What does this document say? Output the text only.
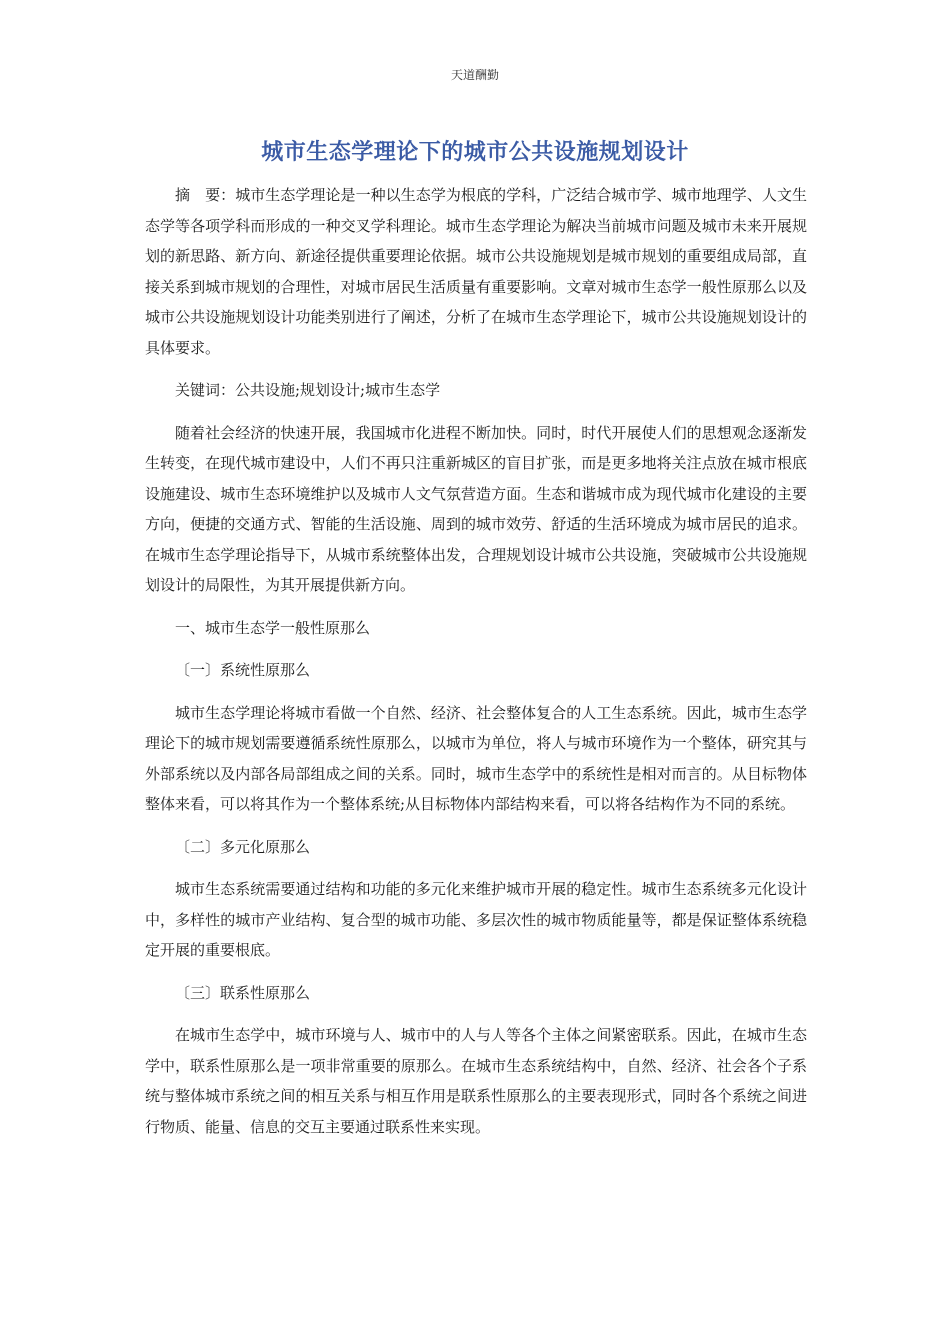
天道酬勤
城市生态学理论下的城市公共设施规划设计

摘　要：城市生态学理论是一种以生态学为根底的学科，广泛结合城市学、城市地理学、人文生态学等各项学科而形成的一种交叉学科理论。城市生态学理论为解决当前城市问题及城市未来开展规划的新思路、新方向、新途径提供重要理论依据。城市公共设施规划是城市规划的重要组成局部，直接关系到城市规划的合理性，对城市居民生活质量有重要影响。文章对城市生态学一般性原那么以及城市公共设施规划设计功能类别进行了阐述，分析了在城市生态学理论下，城市公共设施规划设计的具体要求。

关键词：公共设施;规划设计;城市生态学

随着社会经济的快速开展，我国城市化进程不断加快。同时，时代开展使人们的思想观念逐渐发生转变，在现代城市建设中，人们不再只注重新城区的盲目扩张，而是更多地将关注点放在城市根底设施建设、城市生态环境维护以及城市人文气氛营造方面。生态和谐城市成为现代城市化建设的主要方向，便捷的交通方式、智能的生活设施、周到的城市效劳、舒适的生活环境成为城市居民的追求。在城市生态学理论指导下，从城市系统整体出发，合理规划设计城市公共设施，突破城市公共设施规划设计的局限性，为其开展提供新方向。

一、城市生态学一般性原那么

〔一〕系统性原那么

城市生态学理论将城市看做一个自然、经济、社会整体复合的人工生态系统。因此，城市生态学理论下的城市规划需要遵循系统性原那么，以城市为单位，将人与城市环境作为一个整体，研究其与外部系统以及内部各局部组成之间的关系。同时，城市生态学中的系统性是相对而言的。从目标物体整体来看，可以将其作为一个整体系统;从目标物体内部结构来看，可以将各结构作为不同的系统。

〔二〕多元化原那么

城市生态系统需要通过结构和功能的多元化来维护城市开展的稳定性。城市生态系统多元化设计中，多样性的城市产业结构、复合型的城市功能、多层次性的城市物质能量等，都是保证整体系统稳定开展的重要根底。

〔三〕联系性原那么

在城市生态学中，城市环境与人、城市中的人与人等各个主体之间紧密联系。因此，在城市生态学中，联系性原那么是一项非常重要的原那么。在城市生态系统结构中，自然、经济、社会各个子系统与整体城市系统之间的相互关系与相互作用是联系性原那么的主要表现形式，同时各个系统之间进行物质、能量、信息的交互主要通过联系性来实现。
